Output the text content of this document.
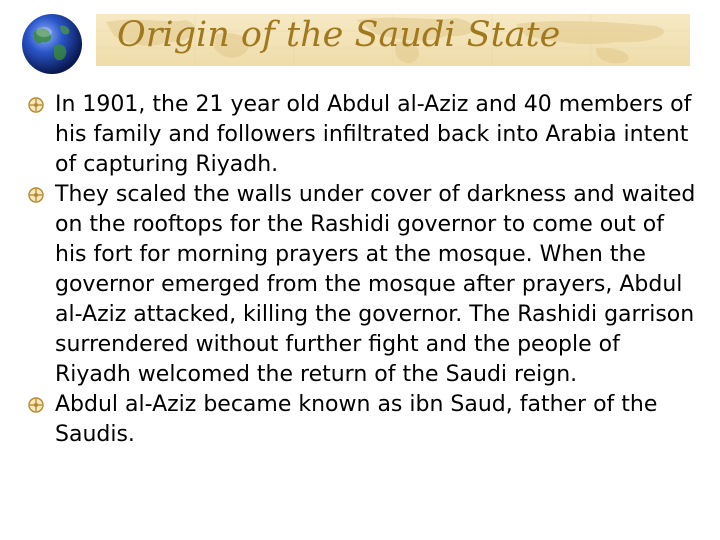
Origin of the Saudi State
In 1901, the 21 year old Abdul al-Aziz and 40 members of his family and followers infiltrated back into Arabia intent of capturing Riyadh.
They scaled the walls under cover of darkness and waited on the rooftops for the Rashidi governor to come out of his fort for morning prayers at the mosque. When the governor emerged from the mosque after prayers, Abdul al-Aziz attacked, killing the governor. The Rashidi garrison surrendered without further fight and the people of Riyadh welcomed the return of the Saudi reign.
Abdul al-Aziz became known as ibn Saud, father of the Saudis.
